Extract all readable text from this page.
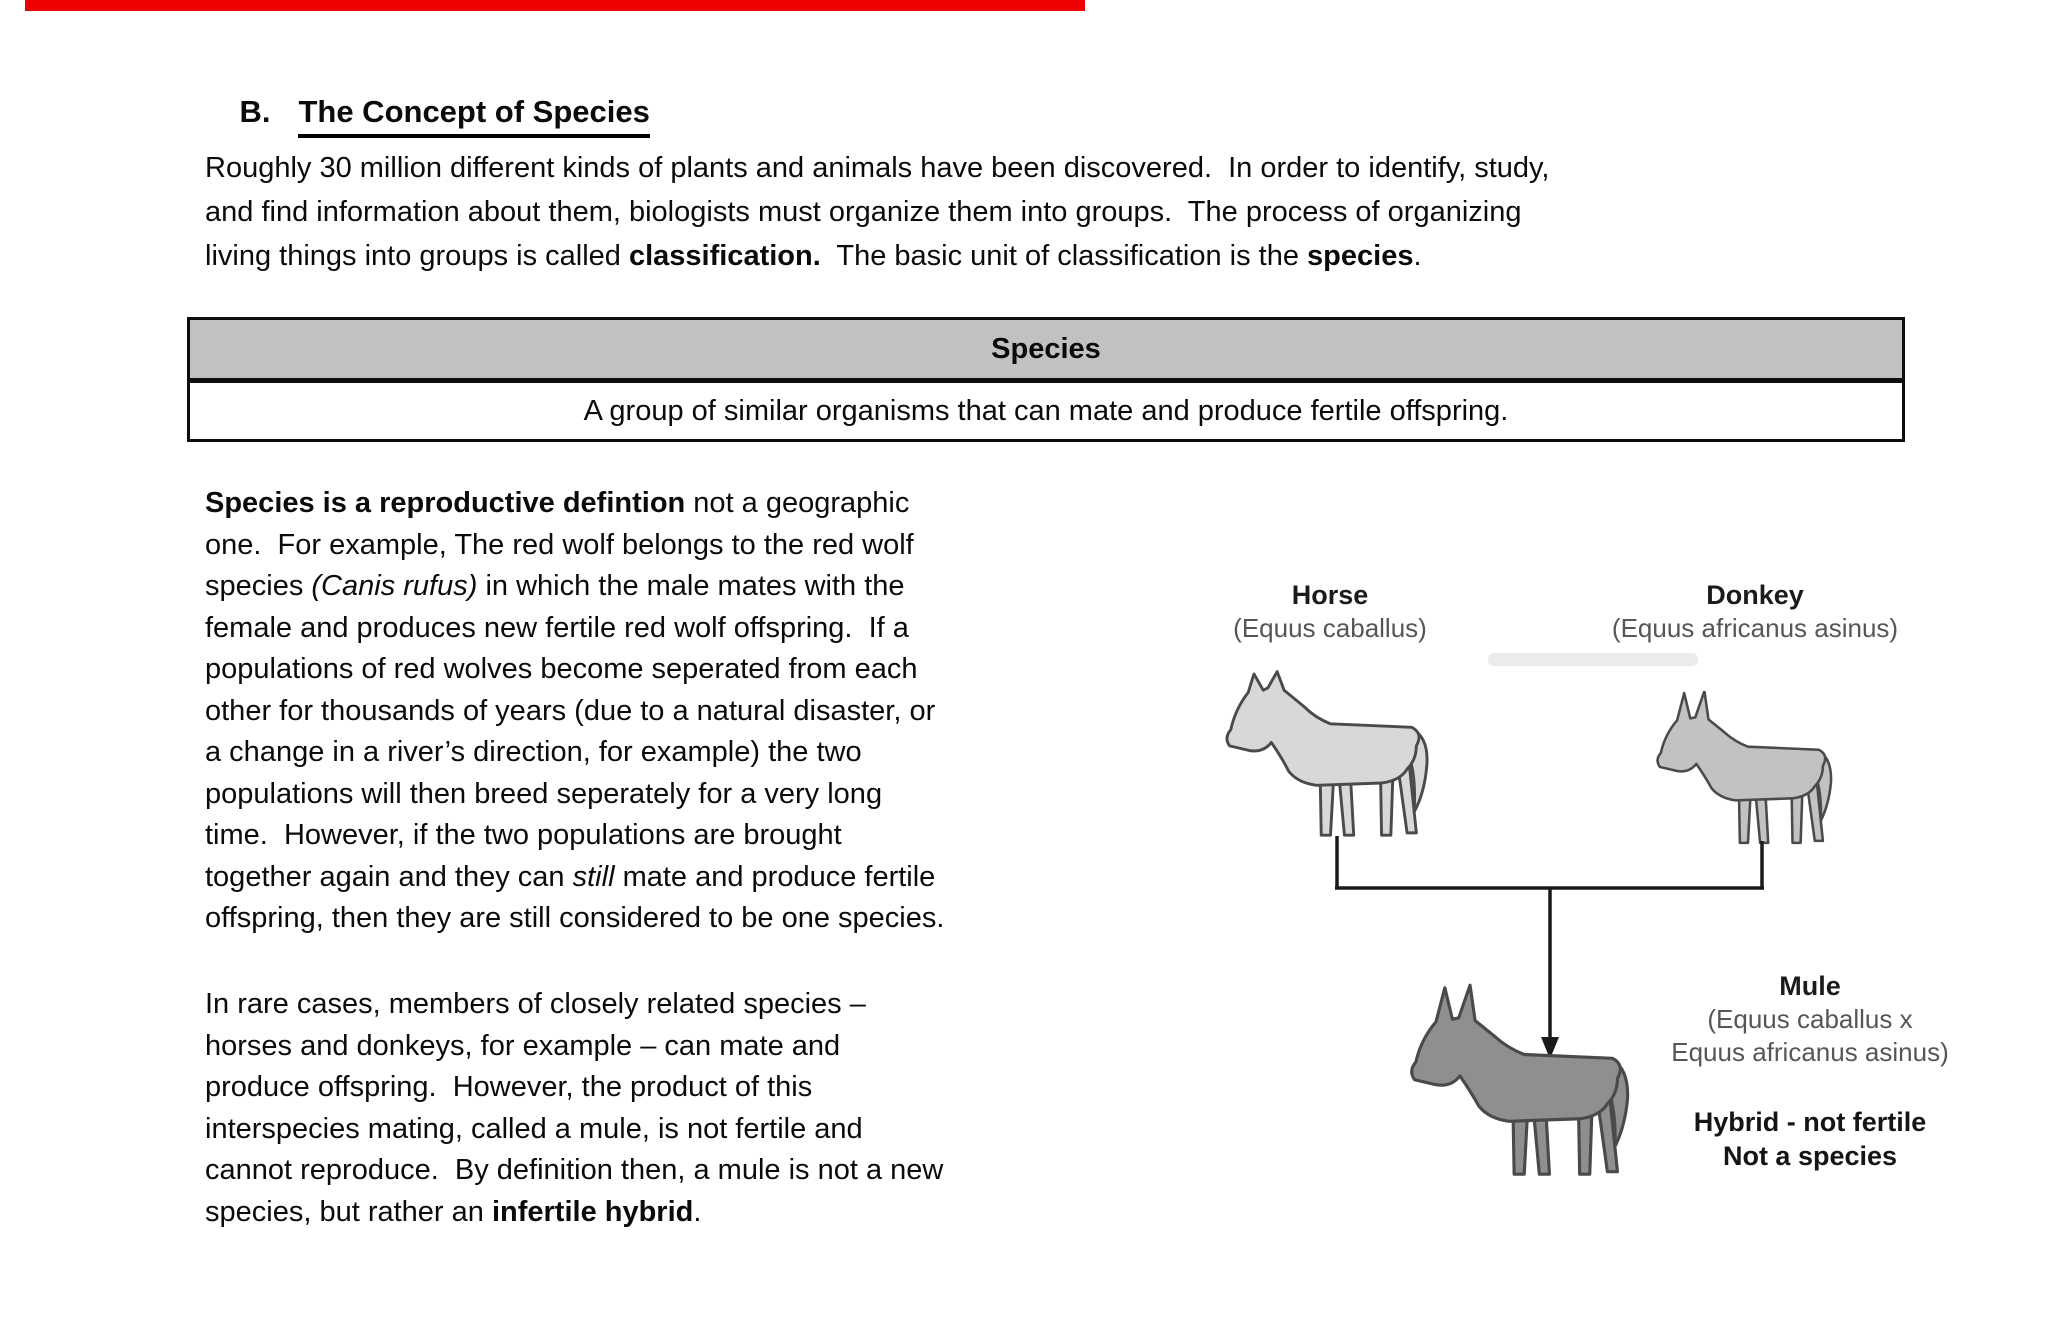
B. The Concept of Species

Roughly 30 million different kinds of plants and animals have been discovered.  In order to identify, study,
and find information about them, biologists must organize them into groups.  The process of organizing
living things into groups is called classification.  The basic unit of classification is the species.
Species
A group of similar organisms that can mate and produce fertile offspring.
Species is a reproductive defintion not a geographic
one.  For example, The red wolf belongs to the red wolf
species (Canis rufus) in which the male mates with the
female and produces new fertile red wolf offspring.  If a
populations of red wolves become seperated from each
other for thousands of years (due to a natural disaster, or
a change in a river’s direction, for example) the two
populations will then breed seperately for a very long
time.  However, if the two populations are brought
together again and they can still mate and produce fertile
offspring, then they are still considered to be one species.
In rare cases, members of closely related species –
horses and donkeys, for example – can mate and
produce offspring.  However, the product of this
interspecies mating, called a mule, is not fertile and
cannot reproduce.  By definition then, a mule is not a new
species, but rather an infertile hybrid.
Horse
(Equus caballus)
Donkey
(Equus africanus asinus)
Mule
(Equus caballus x
Equus africanus asinus)
Hybrid - not fertile
Not a species
